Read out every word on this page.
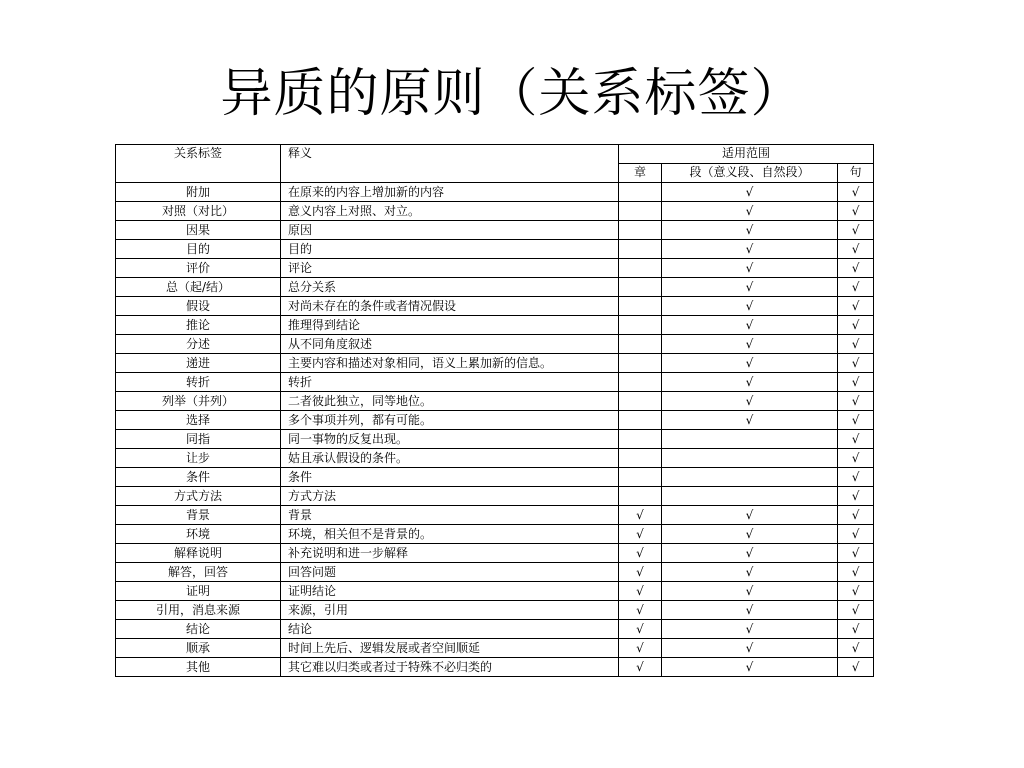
异质的原则（关系标签）
关系标签	释义	适用范围		
		章	段（意义段、自然段）	句
附加	在原来的内容上增加新的内容		√	√
对照（对比）	意义内容上对照、对立。		√	√
因果	原因		√	√
目的	目的		√	√
评价	评论		√	√
总（起/结）	总分关系		√	√
假设	对尚未存在的条件或者情况假设		√	√
推论	推理得到结论		√	√
分述	从不同角度叙述		√	√
递进	主要内容和描述对象相同，语义上累加新的信息。		√	√
转折	转折		√	√
列举（并列）	二者彼此独立，同等地位。		√	√
选择	多个事项并列，都有可能。		√	√
同指	同一事物的反复出现。			√
让步	姑且承认假设的条件。			√
条件	条件			√
方式方法	方式方法			√
背景	背景	√	√	√
环境	环境，相关但不是背景的。	√	√	√
解释说明	补充说明和进一步解释	√	√	√
解答，回答	回答问题	√	√	√
证明	证明结论	√	√	√
引用，消息来源	来源，引用	√	√	√
结论	结论	√	√	√
顺承	时间上先后、逻辑发展或者空间顺延	√	√	√
其他	其它难以归类或者过于特殊不必归类的	√	√	√
